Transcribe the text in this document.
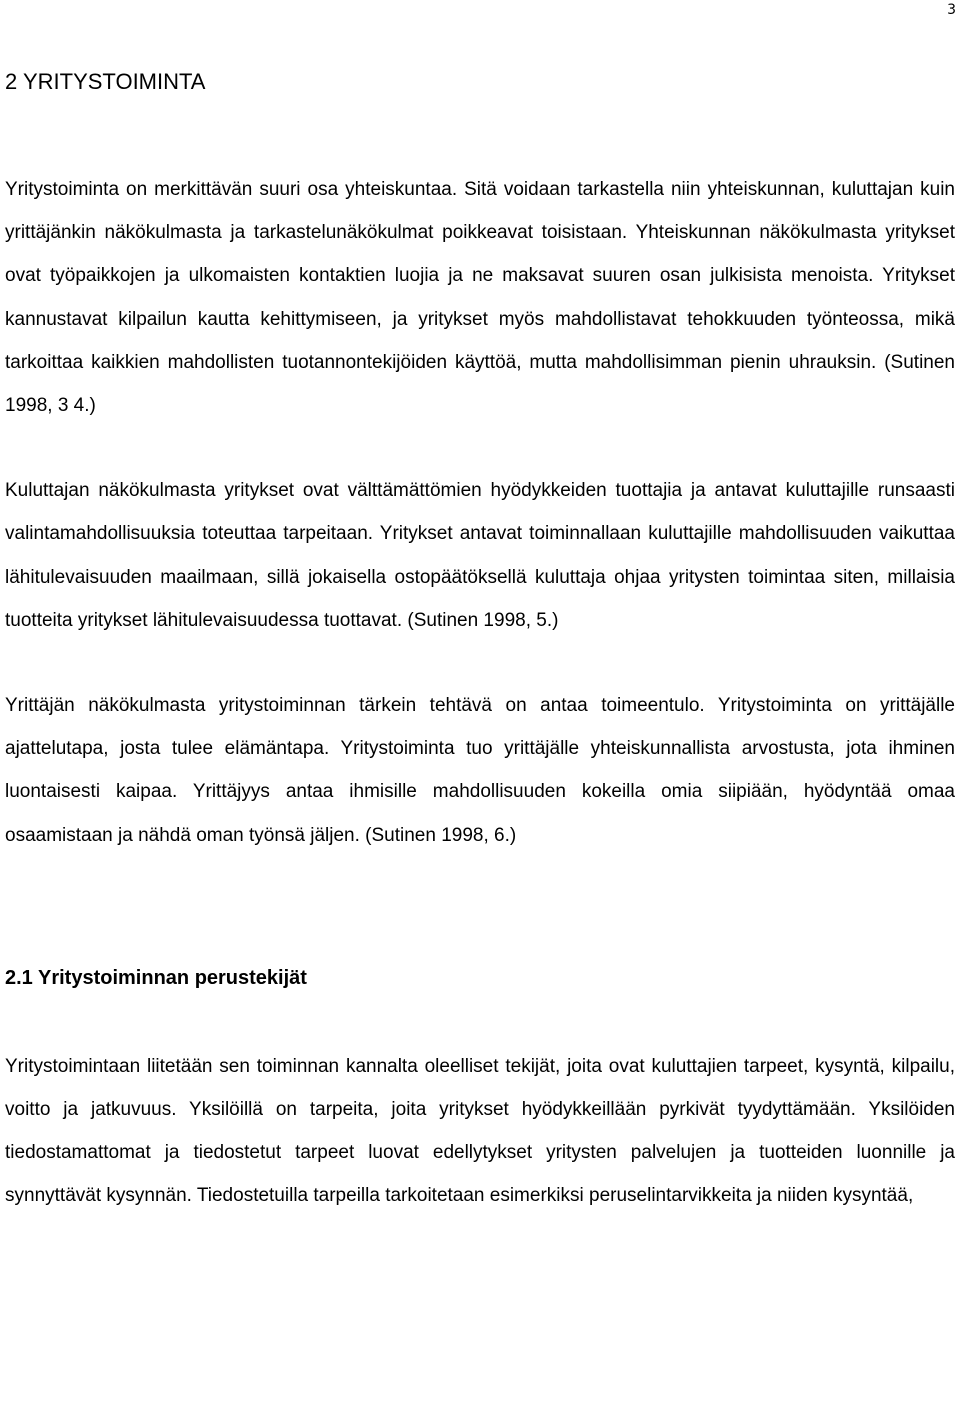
3
2 YRITYSTOIMINTA

Yritystoiminta on merkittävän suuri osa yhteiskuntaa. Sitä voidaan tarkastella niin yhteiskunnan, kuluttajan kuin yrittäjänkin näkökulmasta ja tarkastelunäkökulmat poikkeavat toisistaan. Yhteiskunnan näkökulmasta yritykset ovat työpaikkojen ja ulkomaisten kontaktien luojia ja ne maksavat suuren osan julkisista menoista. Yritykset kannustavat kilpailun kautta kehittymiseen, ja yritykset myös mahdollistavat tehokkuuden työnteossa, mikä tarkoittaa kaikkien mahdollisten tuotannontekijöiden käyttöä, mutta mahdollisimman pienin uhrauksin. (Sutinen 1998, 3 4.)

Kuluttajan näkökulmasta yritykset ovat välttämättömien hyödykkeiden tuottajia ja antavat kuluttajille runsaasti valintamahdollisuuksia toteuttaa tarpeitaan. Yritykset antavat toiminnallaan kuluttajille mahdollisuuden vaikuttaa lähitulevaisuuden maailmaan, sillä jokaisella ostopäätöksellä kuluttaja ohjaa yritysten toimintaa siten, millaisia tuotteita yritykset lähitulevaisuudessa tuottavat. (Sutinen 1998, 5.)

Yrittäjän näkökulmasta yritystoiminnan tärkein tehtävä on antaa toimeentulo. Yritystoiminta on yrittäjälle ajattelutapa, josta tulee elämäntapa. Yritystoiminta tuo yrittäjälle yhteiskunnallista arvostusta, jota ihminen luontaisesti kaipaa. Yrittäjyys antaa ihmisille mahdollisuuden kokeilla omia siipiään, hyödyntää omaa osaamistaan ja nähdä oman työnsä jäljen. (Sutinen 1998, 6.)

2.1 Yritystoiminnan perustekijät

Yritystoimintaan liitetään sen toiminnan kannalta oleelliset tekijät, joita ovat kuluttajien tarpeet, kysyntä, kilpailu, voitto ja jatkuvuus. Yksilöillä on tarpeita, joita yritykset hyödykkeillään pyrkivät tyydyttämään. Yksilöiden tiedostamattomat ja tiedostetut tarpeet luovat edellytykset yritysten palvelujen ja tuotteiden luonnille ja synnyttävät kysynnän. Tiedostetuilla tarpeilla tarkoitetaan esimerkiksi peruselintarvikkeita ja niiden kysyntää,
